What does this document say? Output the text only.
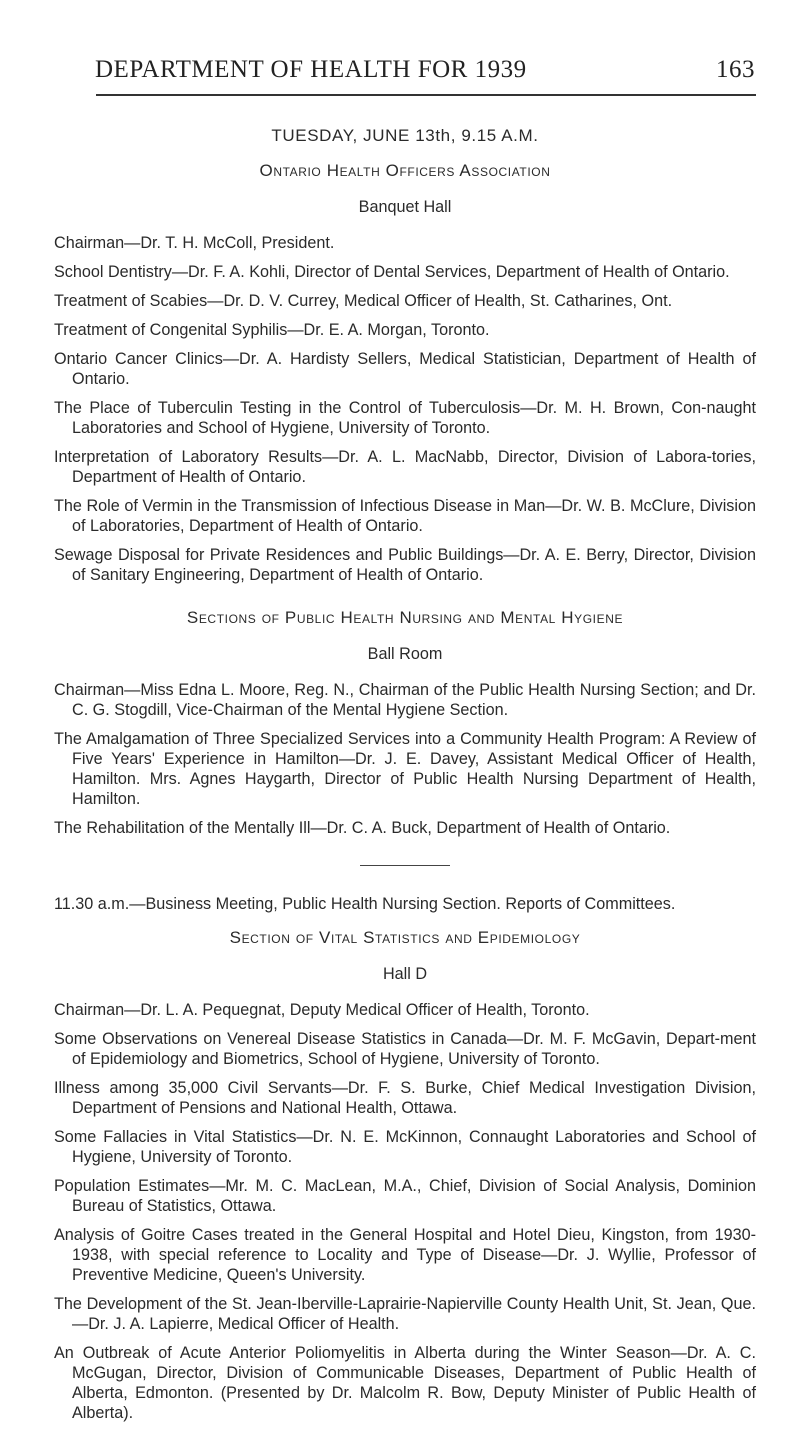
DEPARTMENT OF HEALTH FOR 1939	163
TUESDAY, JUNE 13th, 9.15 A.M.
Ontario Health Officers Association
Banquet Hall
Chairman—Dr. T. H. McColl, President.
School Dentistry—Dr. F. A. Kohli, Director of Dental Services, Department of Health of Ontario.
Treatment of Scabies—Dr. D. V. Currey, Medical Officer of Health, St. Catharines, Ont.
Treatment of Congenital Syphilis—Dr. E. A. Morgan, Toronto.
Ontario Cancer Clinics—Dr. A. Hardisty Sellers, Medical Statistician, Department of Health of Ontario.
The Place of Tuberculin Testing in the Control of Tuberculosis—Dr. M. H. Brown, Con-naught Laboratories and School of Hygiene, University of Toronto.
Interpretation of Laboratory Results—Dr. A. L. MacNabb, Director, Division of Labora-tories, Department of Health of Ontario.
The Role of Vermin in the Transmission of Infectious Disease in Man—Dr. W. B. McClure, Division of Laboratories, Department of Health of Ontario.
Sewage Disposal for Private Residences and Public Buildings—Dr. A. E. Berry, Director, Division of Sanitary Engineering, Department of Health of Ontario.
Sections of Public Health Nursing and Mental Hygiene
Ball Room
Chairman—Miss Edna L. Moore, Reg. N., Chairman of the Public Health Nursing Section; and Dr. C. G. Stogdill, Vice-Chairman of the Mental Hygiene Section.
The Amalgamation of Three Specialized Services into a Community Health Program: A Review of Five Years' Experience in Hamilton—Dr. J. E. Davey, Assistant Medical Officer of Health, Hamilton. Mrs. Agnes Haygarth, Director of Public Health Nursing Department of Health, Hamilton.
The Rehabilitation of the Mentally Ill—Dr. C. A. Buck, Department of Health of Ontario.
11.30 a.m.—Business Meeting, Public Health Nursing Section. Reports of Committees.
Section of Vital Statistics and Epidemiology
Hall D
Chairman—Dr. L. A. Pequegnat, Deputy Medical Officer of Health, Toronto.
Some Observations on Venereal Disease Statistics in Canada—Dr. M. F. McGavin, Depart-ment of Epidemiology and Biometrics, School of Hygiene, University of Toronto.
Illness among 35,000 Civil Servants—Dr. F. S. Burke, Chief Medical Investigation Division, Department of Pensions and National Health, Ottawa.
Some Fallacies in Vital Statistics—Dr. N. E. McKinnon, Connaught Laboratories and School of Hygiene, University of Toronto.
Population Estimates—Mr. M. C. MacLean, M.A., Chief, Division of Social Analysis, Dominion Bureau of Statistics, Ottawa.
Analysis of Goitre Cases treated in the General Hospital and Hotel Dieu, Kingston, from 1930-1938, with special reference to Locality and Type of Disease—Dr. J. Wyllie, Professor of Preventive Medicine, Queen's University.
The Development of the St. Jean-Iberville-Laprairie-Napierville County Health Unit, St. Jean, Que.—Dr. J. A. Lapierre, Medical Officer of Health.
An Outbreak of Acute Anterior Poliomyelitis in Alberta during the Winter Season—Dr. A. C. McGugan, Director, Division of Communicable Diseases, Department of Public Health of Alberta, Edmonton. (Presented by Dr. Malcolm R. Bow, Deputy Minister of Public Health of Alberta).
